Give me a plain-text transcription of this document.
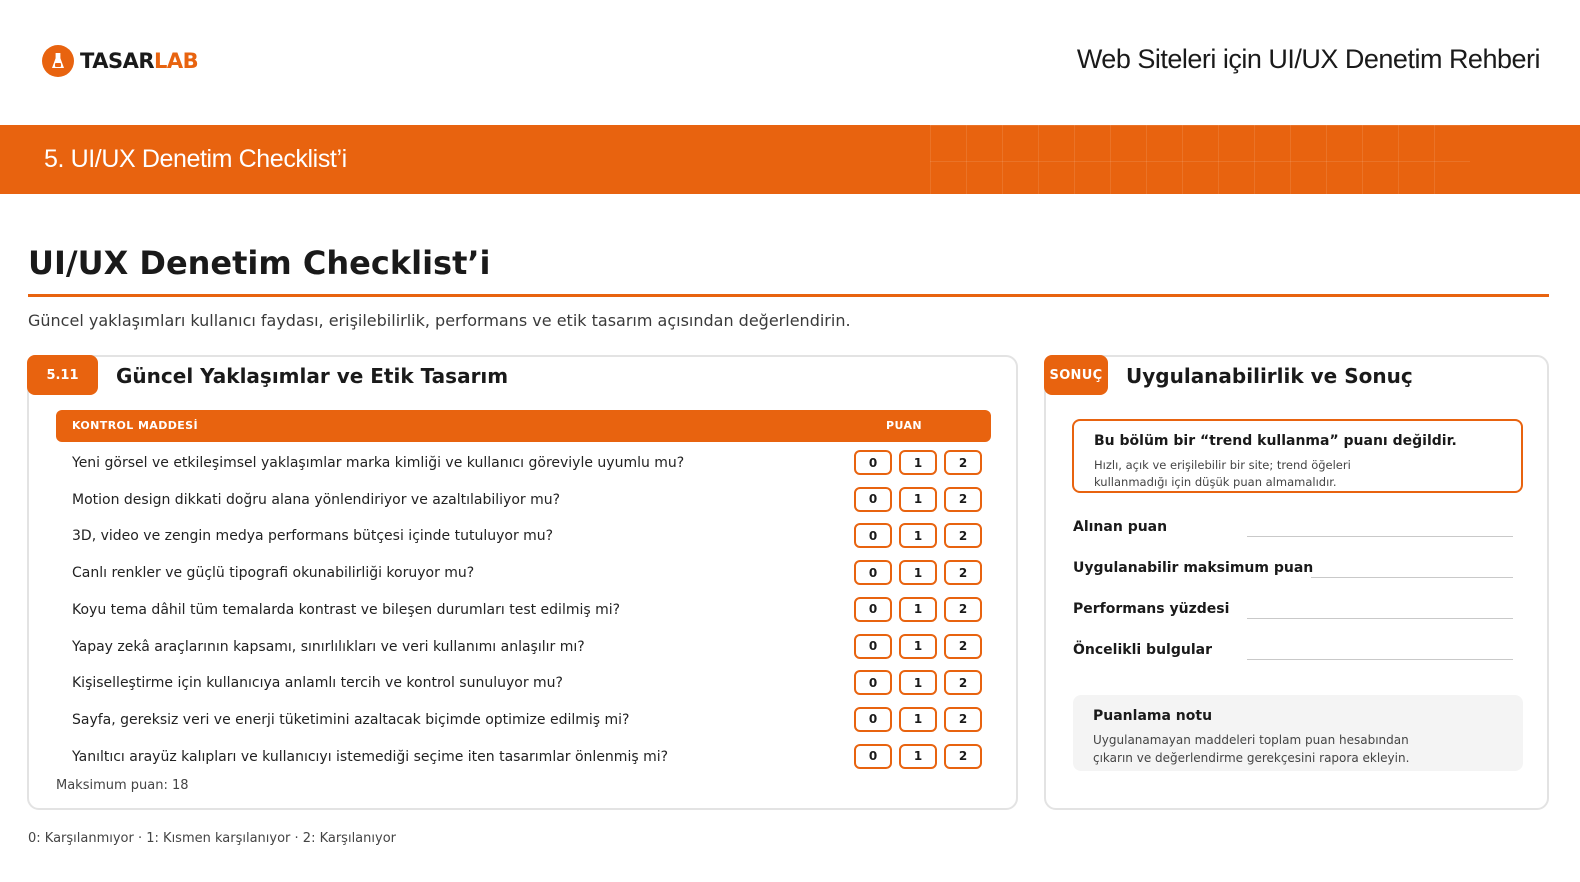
TASARLAB	Web Siteleri için UI/UX Denetim Rehberi
5. UI/UX Denetim Checklist’i
UI/UX Denetim Checklist’i

Güncel yaklaşımları kullanıcı faydası, erişilebilirlik, performans ve etik tasarım açısından değerlendirin.

5.11	Güncel Yaklaşımlar ve Etik Tasarım
KONTROL MADDESİ	PUAN
Yeni görsel ve etkileşimsel yaklaşımlar marka kimliği ve kullanıcı göreviyle uyumlu mu?	0	1	2
Motion design dikkati doğru alana yönlendiriyor ve azaltılabiliyor mu?	0	1	2
3D, video ve zengin medya performans bütçesi içinde tutuluyor mu?	0	1	2
Canlı renkler ve güçlü tipografi okunabilirliği koruyor mu?	0	1	2
Koyu tema dâhil tüm temalarda kontrast ve bileşen durumları test edilmiş mi?	0	1	2
Yapay zekâ araçlarının kapsamı, sınırlılıkları ve veri kullanımı anlaşılır mı?	0	1	2
Kişiselleştirme için kullanıcıya anlamlı tercih ve kontrol sunuluyor mu?	0	1	2
Sayfa, gereksiz veri ve enerji tüketimini azaltacak biçimde optimize edilmiş mi?	0	1	2
Yanıltıcı arayüz kalıpları ve kullanıcıyı istemediği seçime iten tasarımlar önlenmiş mi?	0	1	2
Maksimum puan: 18
SONUÇ Uygulanabilirlik ve Sonuç
Bu bölüm bir “trend kullanma” puanı değildir.
Hızlı, açık ve erişilebilir bir site; trend öğeleri kullanmadığı için düşük puan almamalıdır.
Alınan puan
Uygulanabilir maksimum puan
Performans yüzdesi
Öncelikli bulgular
Puanlama notu
Uygulanamayan maddeleri toplam puan hesabından çıkarın ve değerlendirme gerekçesini rapora ekleyin.
0: Karşılanmıyor · 1: Kısmen karşılanıyor · 2: Karşılanıyor
